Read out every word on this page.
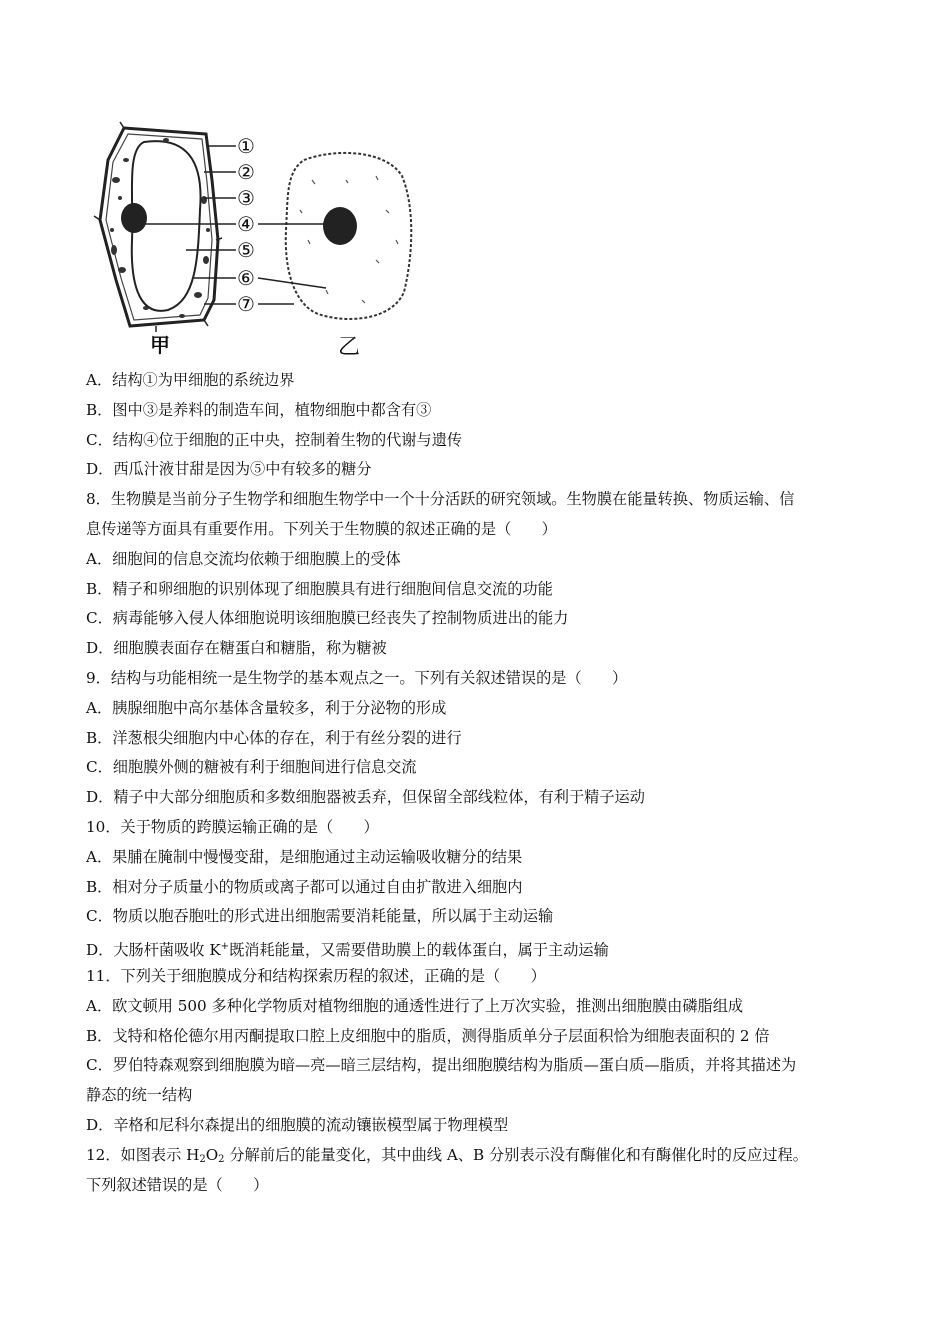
①
②
③
④
⑤
⑥
⑦
甲	乙
A．结构①为甲细胞的系统边界
B．图中③是养料的制造车间，植物细胞中都含有③
C．结构④位于细胞的正中央，控制着生物的代谢与遗传
D．西瓜汁液甘甜是因为⑤中有较多的糖分
8．生物膜是当前分子生物学和细胞生物学中一个十分活跃的研究领域。生物膜在能量转换、物质运输、信
息传递等方面具有重要作用。下列关于生物膜的叙述正确的是（　　）
A．细胞间的信息交流均依赖于细胞膜上的受体
B．精子和卵细胞的识别体现了细胞膜具有进行细胞间信息交流的功能
C．病毒能够入侵人体细胞说明该细胞膜已经丧失了控制物质进出的能力
D．细胞膜表面存在糖蛋白和糖脂，称为糖被
9．结构与功能相统一是生物学的基本观点之一。下列有关叙述错误的是（　　）
A．胰腺细胞中高尔基体含量较多，利于分泌物的形成
B．洋葱根尖细胞内中心体的存在，利于有丝分裂的进行
C．细胞膜外侧的糖被有利于细胞间进行信息交流
D．精子中大部分细胞质和多数细胞器被丢弃，但保留全部线粒体，有利于精子运动
10．关于物质的跨膜运输正确的是（　　）
A．果脯在腌制中慢慢变甜，是细胞通过主动运输吸收糖分的结果
B．相对分子质量小的物质或离子都可以通过自由扩散进入细胞内
C．物质以胞吞胞吐的形式进出细胞需要消耗能量，所以属于主动运输
D．大肠杆菌吸收 K+既消耗能量，又需要借助膜上的载体蛋白，属于主动运输
11．下列关于细胞膜成分和结构探索历程的叙述，正确的是（　　）
A．欧文顿用 500 多种化学物质对植物细胞的通透性进行了上万次实验，推测出细胞膜由磷脂组成
B．戈特和格伦德尔用丙酮提取口腔上皮细胞中的脂质，测得脂质单分子层面积恰为细胞表面积的 2 倍
C．罗伯特森观察到细胞膜为暗—亮—暗三层结构，提出细胞膜结构为脂质—蛋白质—脂质，并将其描述为
静态的统一结构
D．辛格和尼科尔森提出的细胞膜的流动镶嵌模型属于物理模型
12．如图表示 $H_2O_2$ 分解前后的能量变化，其中曲线 A、B 分别表示没有酶催化和有酶催化时的反应过程。
下列叙述错误的是（　　）
